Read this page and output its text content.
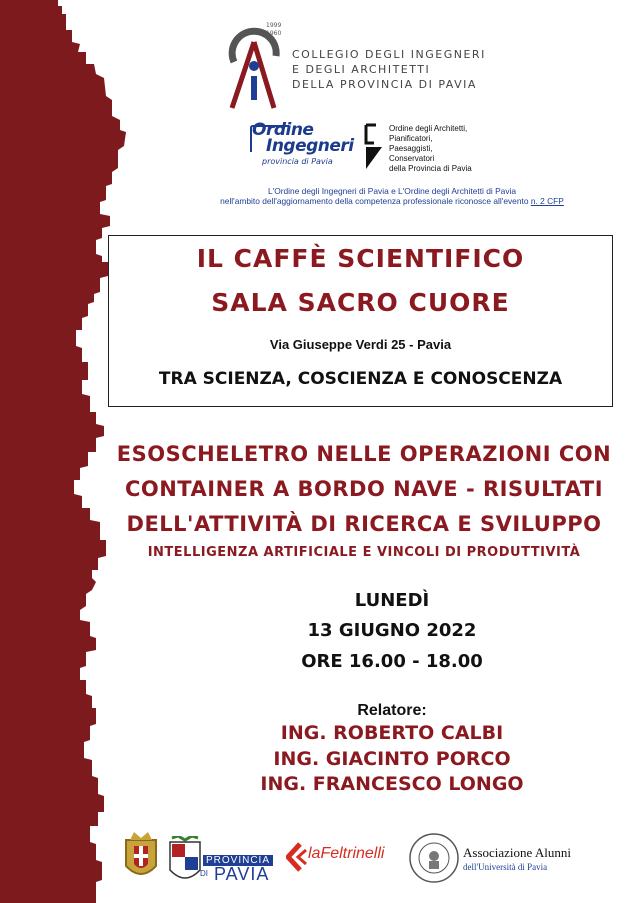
1999
1960
COLLEGIO DEGLI INGEGNERI
E DEGLI ARCHITETTI
DELLA PROVINCIA DI PAVIA
Ordine
Ingegneri
provincia di Pavia
Ordine degli Architetti,
Pianificatori,
Paesaggisti,
Conservatori
della Provincia di Pavia
L'Ordine degli Ingegneri di Pavia e L'Ordine degli Architetti di Pavia
nell'ambito dell'aggiornamento della competenza professionale riconosce all'evento n. 2 CFP
IL CAFFÈ SCIENTIFICO
SALA SACRO CUORE
Via Giuseppe Verdi 25 - Pavia
TRA SCIENZA, COSCIENZA E CONOSCENZA
ESOSCHELETRO NELLE OPERAZIONI CON
CONTAINER A BORDO NAVE - RISULTATI
DELL'ATTIVITÀ DI RICERCA E SVILUPPO
INTELLIGENZA ARTIFICIALE E VINCOLI DI PRODUTTIVITÀ
LUNEDÌ
13 GIUGNO 2022
ORE 16.00 - 18.00
Relatore:
ING. ROBERTO CALBI
ING. GIACINTO PORCO
ING. FRANCESCO LONGO
PROVINCIA
DI PAVIA
laFeltrinelli	Associazione Alunni
dell'Università di Pavia
